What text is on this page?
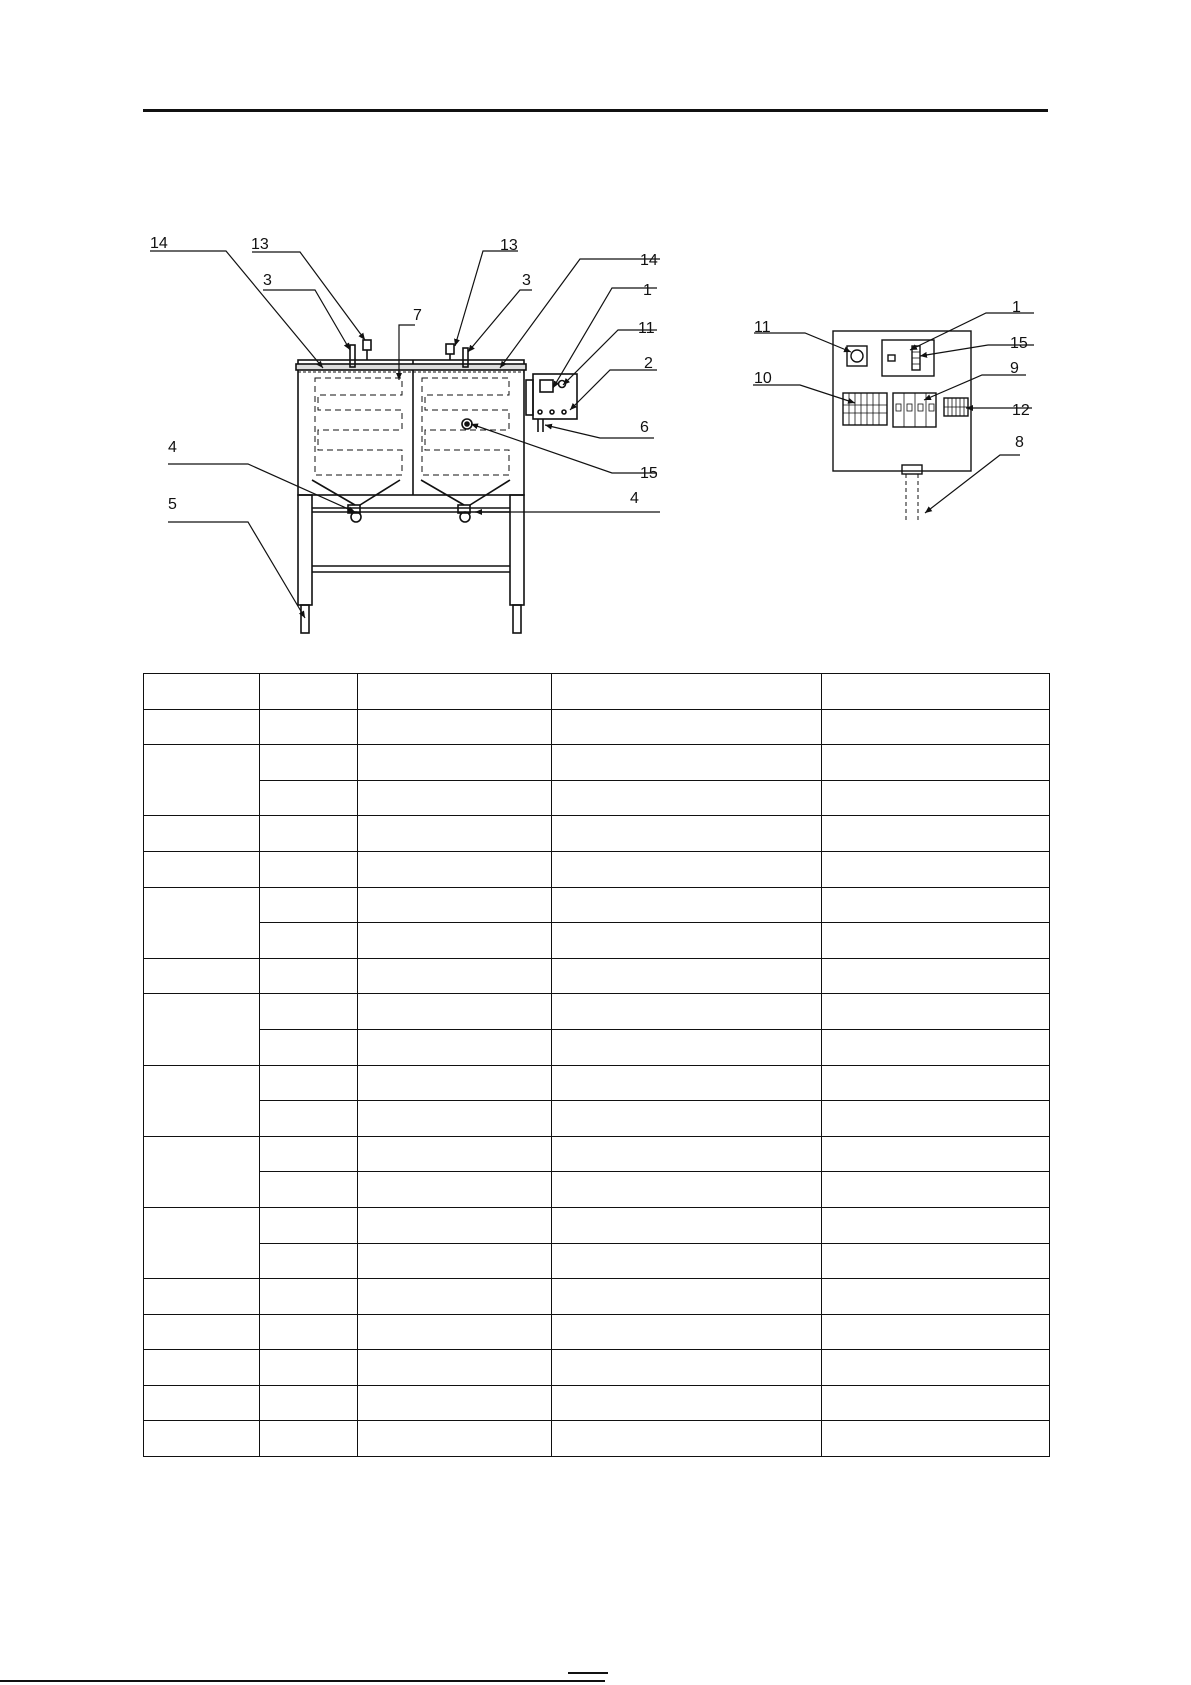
14	13
3
7
13
3
14
1
11
2
6
15
4
5	4
11
1
15
10
9
12
8
